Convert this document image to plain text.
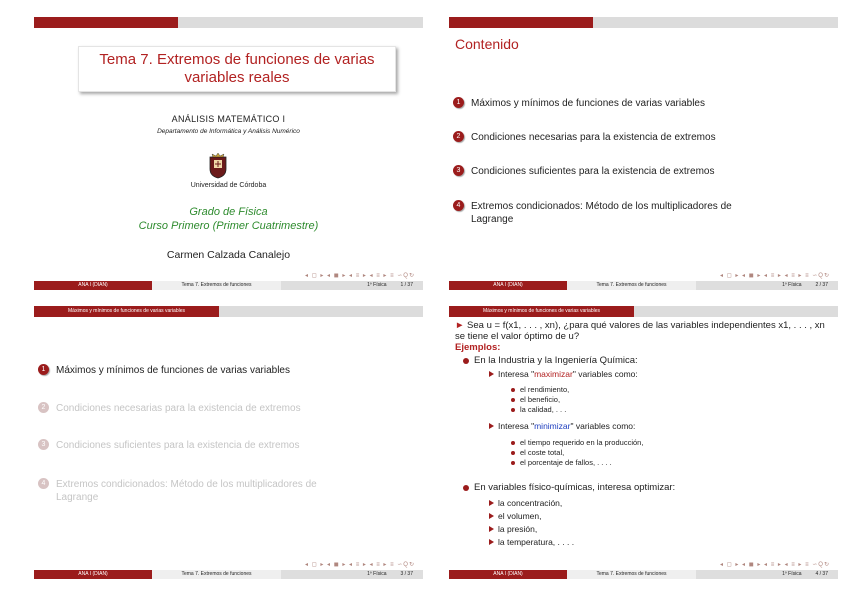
Tema 7. Extremos de funciones de varias variables reales
ANÁLISIS MATEMÁTICO I
Departamento de Informática y Análisis Numérico
Universidad de Córdoba
Grado de Física
Curso Primero (Primer Cuatrimestre)
Carmen Calzada Canalejo
◂ ◻ ▸ ◂ ◼ ▸ ◂ ≡ ▸ ◂ ≡ ▸ ≡ ∽Q↻
ANA I (DIAN)	Tema 7. Extremos de funciones	1º Física	1 / 37
Contenido
1	Máximos y mínimos de funciones de varias variables
2	Condiciones necesarias para la existencia de extremos
3	Condiciones suficientes para la existencia de extremos
4	Extremos condicionados: Método de los multiplicadores de Lagrange
◂ ◻ ▸ ◂ ◼ ▸ ◂ ≡ ▸ ◂ ≡ ▸ ≡ ∽Q↻
ANA I (DIAN)	Tema 7. Extremos de funciones	1º Física	2 / 37
Máximos y mínimos de funciones de varias variables
1	Máximos y mínimos de funciones de varias variables
2	Condiciones necesarias para la existencia de extremos
3	Condiciones suficientes para la existencia de extremos
4	Extremos condicionados: Método de los multiplicadores de Lagrange
◂ ◻ ▸ ◂ ◼ ▸ ◂ ≡ ▸ ◂ ≡ ▸ ≡ ∽Q↻
ANA I (DIAN)	Tema 7. Extremos de funciones	1º Física	3 / 37
Máximos y mínimos de funciones de varias variables

► Sea u = f(x1, . . . , xn), ¿para qué valores de las variables independientes x1, . . . , xn se tiene el valor óptimo de u?

Ejemplos:

En la Industria y la Ingeniería Química:
Interesa " maximizar " variables como:
el rendimiento,
el beneficio,
la calidad, . . .
Interesa " minimizar " variables como:
el tiempo requerido en la producción,
el coste total,
el porcentaje de fallos, . . . .
En variables físico-químicas, interesa optimizar:
la concentración,
el volumen,
la presión,
la temperatura, . . . .
◂ ◻ ▸ ◂ ◼ ▸ ◂ ≡ ▸ ◂ ≡ ▸ ≡ ∽Q↻
ANA I (DIAN)	Tema 7. Extremos de funciones	1º Física	4 / 37
